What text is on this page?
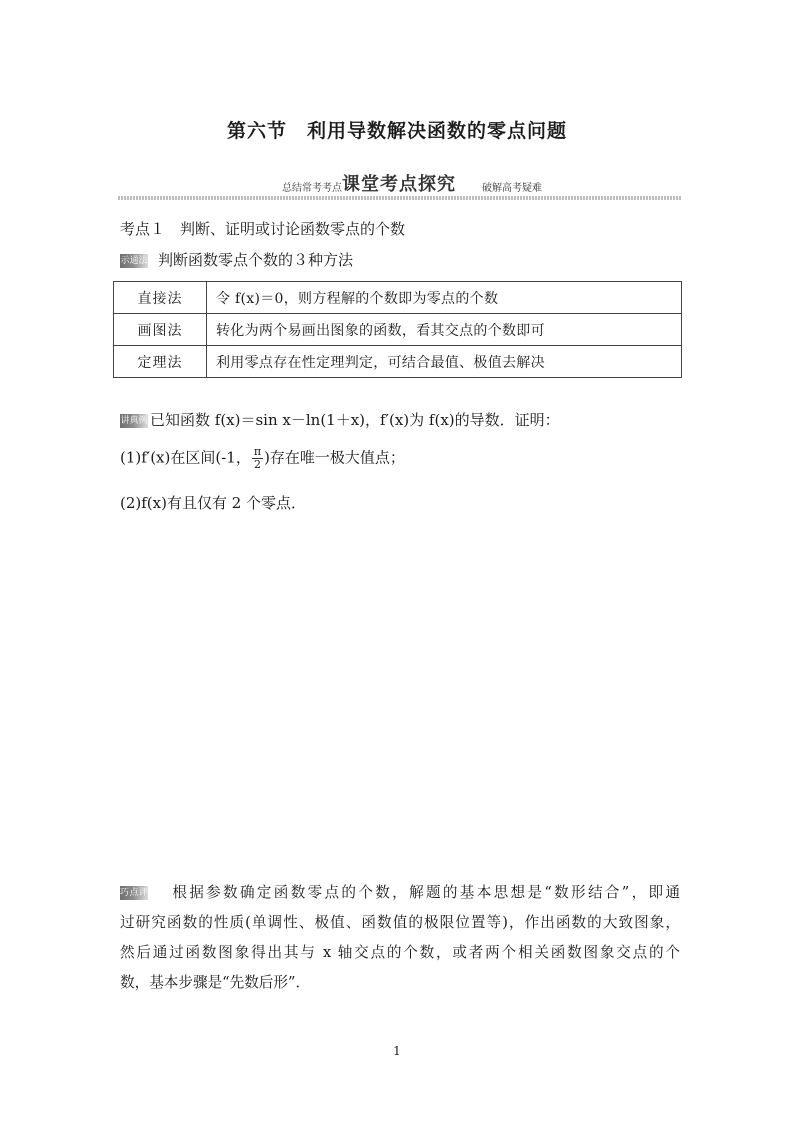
第六节　利用导数解决函数的零点问题
总结常考考点 课堂考点探究	破解高考疑难
考点１　判断、证明或讨论函数零点的个数
示通法 判断函数零点个数的３种方法
直接法	令 f(x)＝0，则方程解的个数即为零点的个数
画图法	转化为两个易画出图象的函数，看其交点的个数即可
定理法	利用零点存在性定理判定，可结合最值、极值去解决
讲典例 已知函数 f(x)＝sin x－ln(1＋x)，f′(x)为 f(x)的导数．证明：
(1)f′(x)在区间(-1， $\frac{\pi}{2}$ )存在唯一极大值点；
(2)f(x)有且仅有 2 个零点．
巧点评 根据参数确定函数零点的个数，解题的基本思想是“数形结合”，即通
过研究函数的性质(单调性、极值、函数值的极限位置等)，作出函数的大致图象，
然后通过函数图象得出其与 x 轴交点的个数，或者两个相关函数图象交点的个
数，基本步骤是“先数后形”．
1
